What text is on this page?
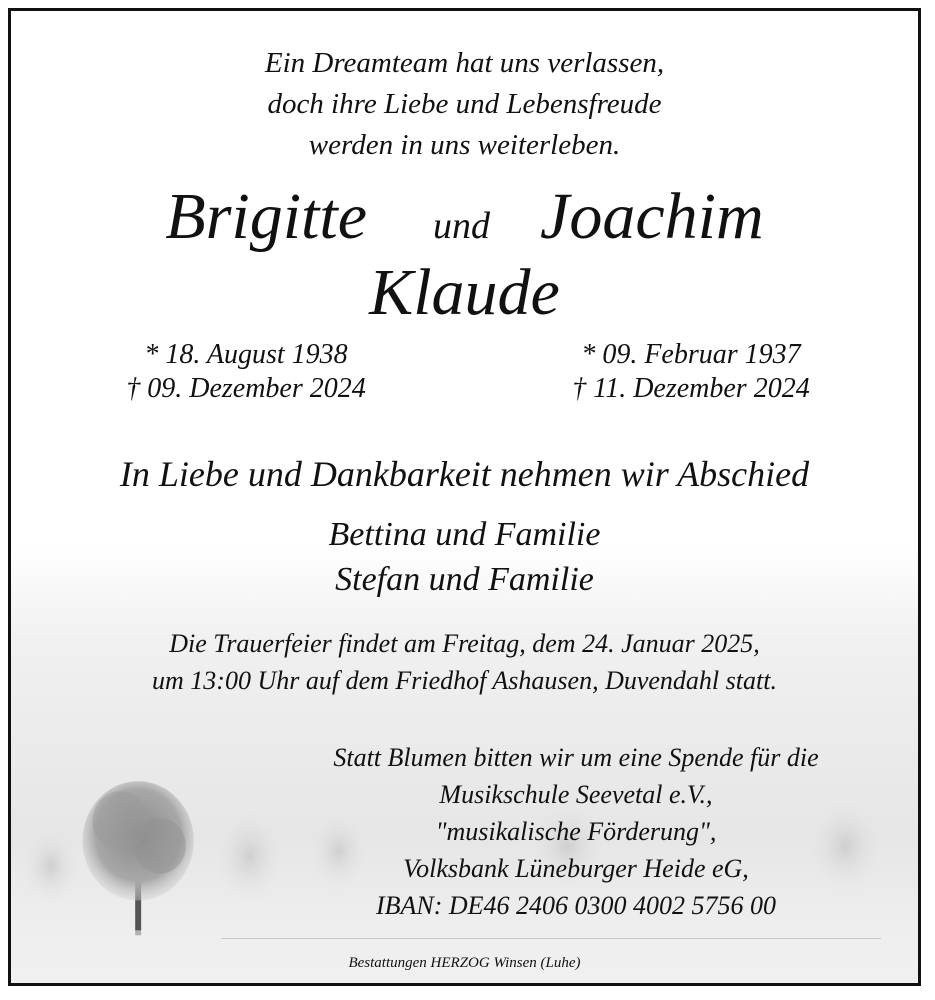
Ein Dreamteam hat uns verlassen,
doch ihre Liebe und Lebensfreude
werden in uns weiterleben.
Brigitte und Joachim
Klaude
* 18. August 1938
† 09. Dezember 2024
* 09. Februar 1937
† 11. Dezember 2024
In Liebe und Dankbarkeit nehmen wir Abschied
Bettina und Familie
Stefan und Familie
Die Trauerfeier findet am Freitag, dem 24. Januar 2025,
um 13:00 Uhr auf dem Friedhof Ashausen, Duvendahl statt.
Statt Blumen bitten wir um eine Spende für die
Musikschule Seevetal e.V.,
"musikalische Förderung",
Volksbank Lüneburger Heide eG,
IBAN: DE46 2406 0300 4002 5756 00
Bestattungen HERZOG Winsen (Luhe)
